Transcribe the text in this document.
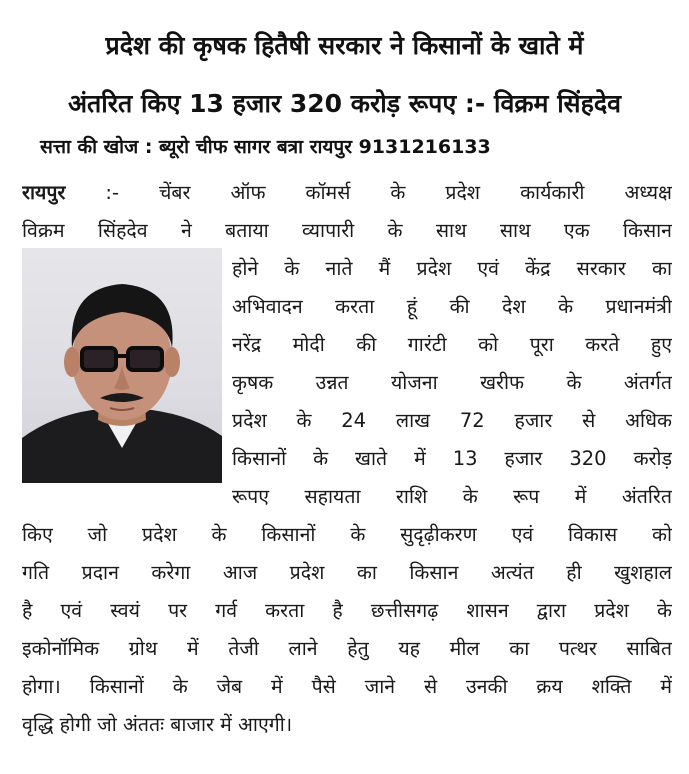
प्रदेश की कृषक हितैषी सरकार ने किसानों के खाते में
अंतरित किए 13 हजार 320 करोड़ रूपए :- विक्रम सिंहदेव
सत्ता की खोज : ब्यूरो चीफ सागर बत्रा रायपुर 9131216133
रायपुर :- चेंबर ऑफ कॉमर्स के प्रदेश कार्यकारी अध्यक्ष
विक्रम सिंहदेव ने बताया व्यापारी के साथ साथ एक किसान
होने के नाते मैं प्रदेश एवं केंद्र सरकार का
अभिवादन करता हूं की देश के प्रधानमंत्री
नरेंद्र मोदी की गारंटी को पूरा करते हुए
कृषक उन्नत योजना खरीफ के अंतर्गत
प्रदेश के 24 लाख 72 हजार से अधिक
किसानों के खाते में 13 हजार 320 करोड़
रूपए सहायता राशि के रूप में अंतरित
किए जो प्रदेश के किसानों के सुदृढ़ीकरण एवं विकास को
गति प्रदान करेगा आज प्रदेश का किसान अत्यंत ही खुशहाल
है एवं स्वयं पर गर्व करता है छत्तीसगढ़ शासन द्वारा प्रदेश के
इकोनॉमिक ग्रोथ में तेजी लाने हेतु यह मील का पत्थर साबित
होगा। किसानों के जेब में पैसे जाने से उनकी क्रय शक्ति में
वृद्धि होगी जो अंततः बाजार में आएगी।
